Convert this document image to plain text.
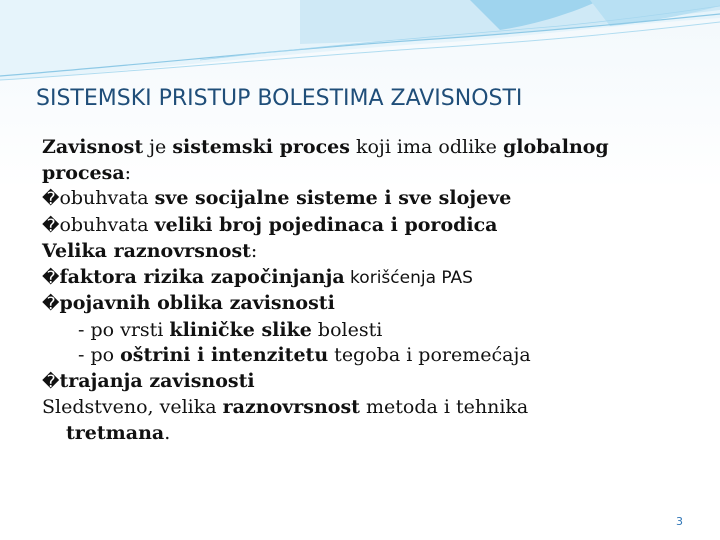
SISTEMSKI PRISTUP BOLESTIMA ZAVISNOSTI
Zavisnost je sistemski proces koji ima odlike globalnog
procesa:
�obuhvata sve socijalne sisteme i sve slojeve
�obuhvata veliki broj pojedinaca i porodica
Velika raznovrsnost:
�faktora rizika započinjanja korišćenja PAS
�pojavnih oblika zavisnosti
- po vrsti kliničke slike bolesti
- po oštrini i intenzitetu tegoba i poremećaja
�trajanja zavisnosti
Sledstveno, velika raznovrsnost metoda i tehnika
tretmana.
3
